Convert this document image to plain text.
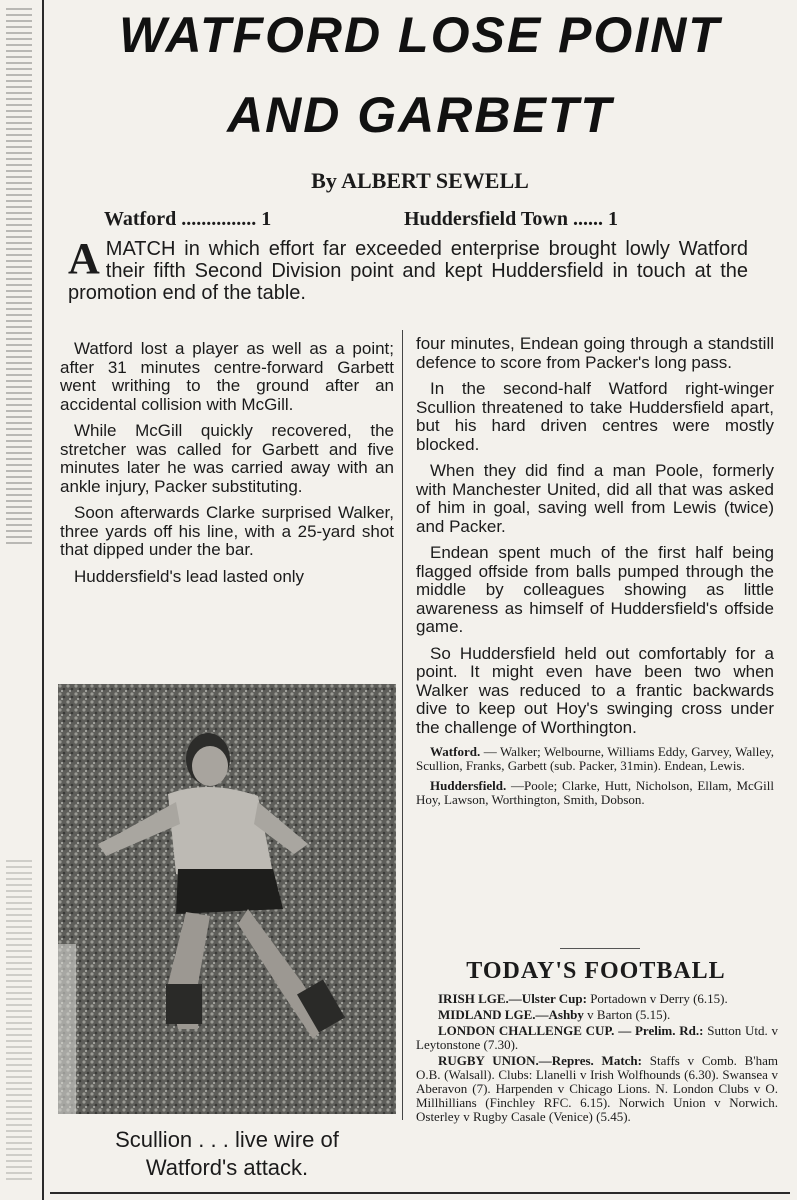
WATFORD LOSE POINT
AND GARBETT
By ALBERT SEWELL
Watford ............... 1	Huddersfield Town ...... 1
A MATCH in which effort far exceeded enterprise brought lowly Watford their fifth Second Division point and kept Huddersfield in touch at the promotion end of the table.

Watford lost a player as well as a point; after 31 minutes centre-forward Garbett went writhing to the ground after an accidental collision with McGill.

While McGill quickly recovered, the stretcher was called for Garbett and five minutes later he was carried away with an ankle injury, Packer substituting.

Soon afterwards Clarke surprised Walker, three yards off his line, with a 25-yard shot that dipped under the bar.

Huddersfield's lead lasted only

Scullion . . . live wire of
Watford's attack.

four minutes, Endean going through a standstill defence to score from Packer's long pass.

In the second-half Watford right-winger Scullion threatened to take Huddersfield apart, but his hard driven centres were mostly blocked.

When they did find a man Poole, formerly with Manchester United, did all that was asked of him in goal, saving well from Lewis (twice) and Packer.

Endean spent much of the first half being flagged offside from balls pumped through the middle by colleagues showing as little awareness as himself of Huddersfield's offside game.

So Huddersfield held out comfortably for a point. It might even have been two when Walker was reduced to a frantic backwards dive to keep out Hoy's swinging cross under the challenge of Worthington.

Watford. — Walker; Welbourne, Williams Eddy, Garvey, Walley, Scullion, Franks, Garbett (sub. Packer, 31min). Endean, Lewis.
Huddersfield. —Poole; Clarke, Hutt, Nicholson, Ellam, McGill Hoy, Lawson, Worthington, Smith, Dobson.
TODAY'S FOOTBALL

IRISH LGE.—Ulster Cup: Portadown v Derry (6.15).

MIDLAND LGE.—Ashby v Barton (5.15).

LONDON CHALLENGE CUP. — Prelim. Rd.: Sutton Utd. v Leytonstone (7.30).

RUGBY UNION.—Repres. Match: Staffs v Comb. B'ham O.B. (Walsall). Clubs: Llanelli v Irish Wolfhounds (6.30). Swansea v Aberavon (7). Harpenden v Chicago Lions. N. London Clubs v O. Millhillians (Finchley RFC. 6.15). Norwich Union v Norwich. Osterley v Rugby Casale (Venice) (5.45).
